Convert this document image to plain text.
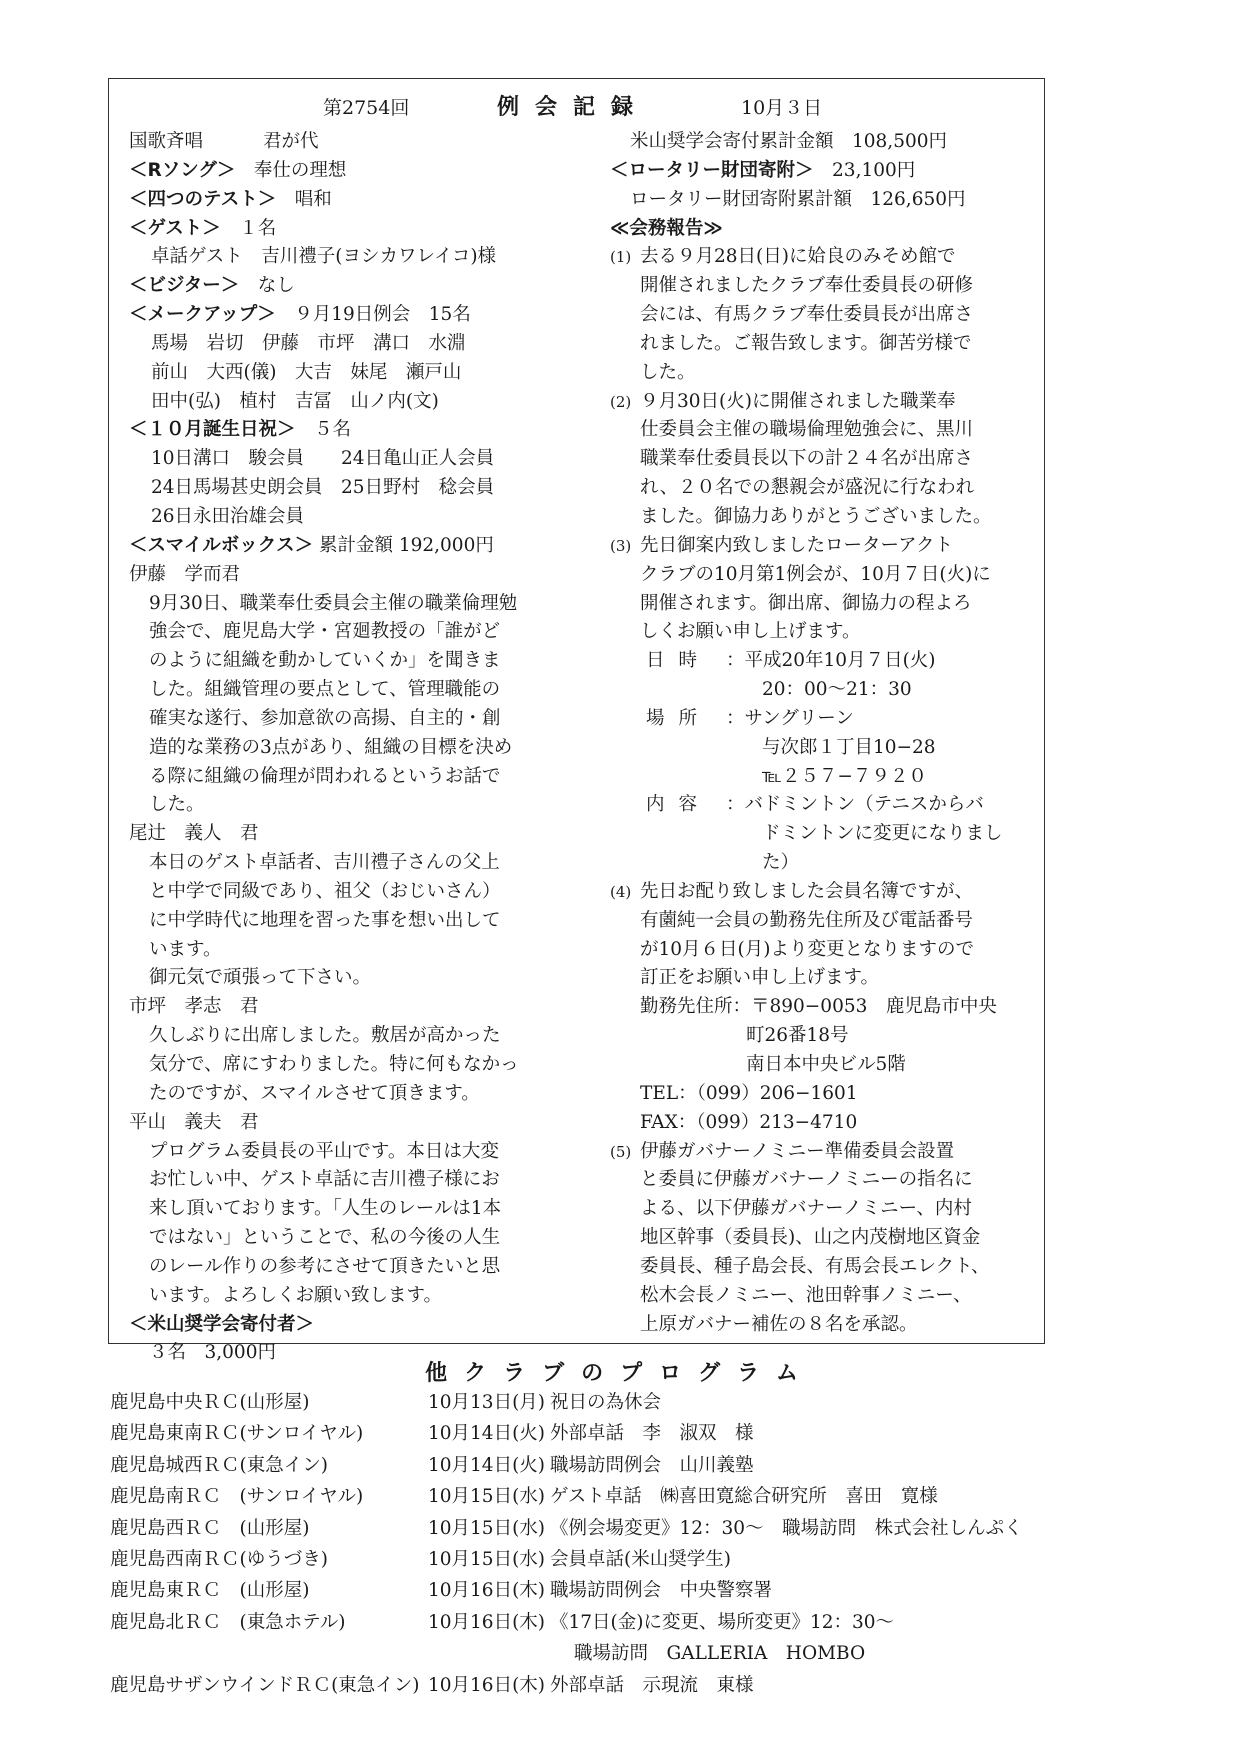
第2754回	例会記録	10月３日
国歌斉唱	君が代
＜Rソング＞　 奉仕の理想
＜四つのテスト＞　 唱和
＜ゲスト＞　 １名
卓話ゲスト　吉川禮子(ヨシカワレイコ)様
＜ビジター＞　 なし
＜メークアップ＞　 ９月19日例会　15名
馬場　岩切　伊藤　市坪　溝口　水淵
前山　大西(儀)　大吉　妹尾　瀬戸山
田中(弘)　植村　吉冨　山ノ内(文)
＜１０月誕生日祝＞　 ５名
10日溝口　駿会員　　24日亀山正人会員
24日馬場甚史朗会員　25日野村　稔会員
26日永田治雄会員
＜スマイルボックス＞ 累計金額 192,000円
伊藤　学而君
9月30日、職業奉仕委員会主催の職業倫理勉
強会で、鹿児島大学・宮廻教授の「誰がど
のように組織を動かしていくか」を聞きま
した。組織管理の要点として、管理職能の
確実な遂行、参加意欲の高揚、自主的・創
造的な業務の3点があり、組織の目標を決め
る際に組織の倫理が問われるというお話で
した。
尾辻　義人　君
本日のゲスト卓話者、吉川禮子さんの父上
と中学で同級であり、祖父（おじいさん）
に中学時代に地理を習った事を想い出して
います。
御元気で頑張って下さい。
市坪　孝志　君
久しぶりに出席しました。敷居が高かった
気分で、席にすわりました。特に何もなかっ
たのですが、スマイルさせて頂きます。
平山　義夫　君
プログラム委員長の平山です。本日は大変
お忙しい中、ゲスト卓話に吉川禮子様にお
来し頂いております。「人生のレールは1本
ではない」ということで、私の今後の人生
のレール作りの参考にさせて頂きたいと思
います。よろしくお願い致します。
＜米山奨学会寄付者＞
３名　3,000円
米山奨学会寄付累計金額　108,500円
＜ロータリー財団寄附＞　 23,100円
ロータリー財団寄附累計額　126,650円
≪会務報告≫
(1) 去る９月28日(日)に姶良のみそめ館で
開催されましたクラブ奉仕委員長の研修
会には、有馬クラブ奉仕委員長が出席さ
れました。ご報告致します。御苦労様で
した。
(2) ９月30日(火)に開催されました職業奉
仕委員会主催の職場倫理勉強会に、黒川
職業奉仕委員長以下の計２４名が出席さ
れ、２０名での懇親会が盛況に行なわれ
ました。御協力ありがとうございました。
(3) 先日御案内致しましたローターアクト
クラブの10月第1例会が、10月７日(火)に
開催されます。御出席、御協力の程よろ
しくお願い申し上げます。
日時 ：平成20年10月７日(火)
20：00〜21：30
場所 ：サングリーン
与次郎１丁目10−28
℡２５７−７９２０
内容 ：バドミントン（テニスからバ
ドミントンに変更になりまし
た）
(4) 先日お配り致しました会員名簿ですが、
有薗純一会員の勤務先住所及び電話番号
が10月６日(月)より変更となりますので
訂正をお願い申し上げます。
勤務先住所：〒890−0053　鹿児島市中央
町26番18号
南日本中央ビル5階
TEL：（099）206−1601
FAX：（099）213−4710
(5) 伊藤ガバナーノミニー準備委員会設置
と委員に伊藤ガバナーノミニーの指名に
よる、以下伊藤ガバナーノミニー、内村
地区幹事（委員長)、山之内茂樹地区資金
委員長、種子島会長、有馬会長エレクト、
松木会長ノミニー、池田幹事ノミニー、
上原ガバナー補佐の８名を承認。
他クラブのプログラム
鹿児島中央ＲＣ(山形屋)	10月13日(月) 祝日の為休会
鹿児島東南ＲＣ(サンロイヤル)	10月14日(火) 外部卓話　李　淑双　様
鹿児島城西ＲＣ(東急イン)	10月14日(火) 職場訪問例会　山川義塾
鹿児島南ＲＣ　(サンロイヤル)	10月15日(水) ゲスト卓話　㈱喜田寛総合研究所　喜田　寛様
鹿児島西ＲＣ　(山形屋)	10月15日(水) 《例会場変更》12：30〜　職場訪問　株式会社しんぷく
鹿児島西南ＲＣ(ゆうづき)	10月15日(水) 会員卓話(米山奨学生)
鹿児島東ＲＣ　(山形屋)	10月16日(木) 職場訪問例会　中央警察署
鹿児島北ＲＣ　(東急ホテル)	10月16日(木) 《17日(金)に変更、場所変更》12：30〜
職場訪問　GALLERIA　HOMBO
鹿児島サザンウインドＲＣ(東急イン) 10月16日(木) 外部卓話　示現流　東様
